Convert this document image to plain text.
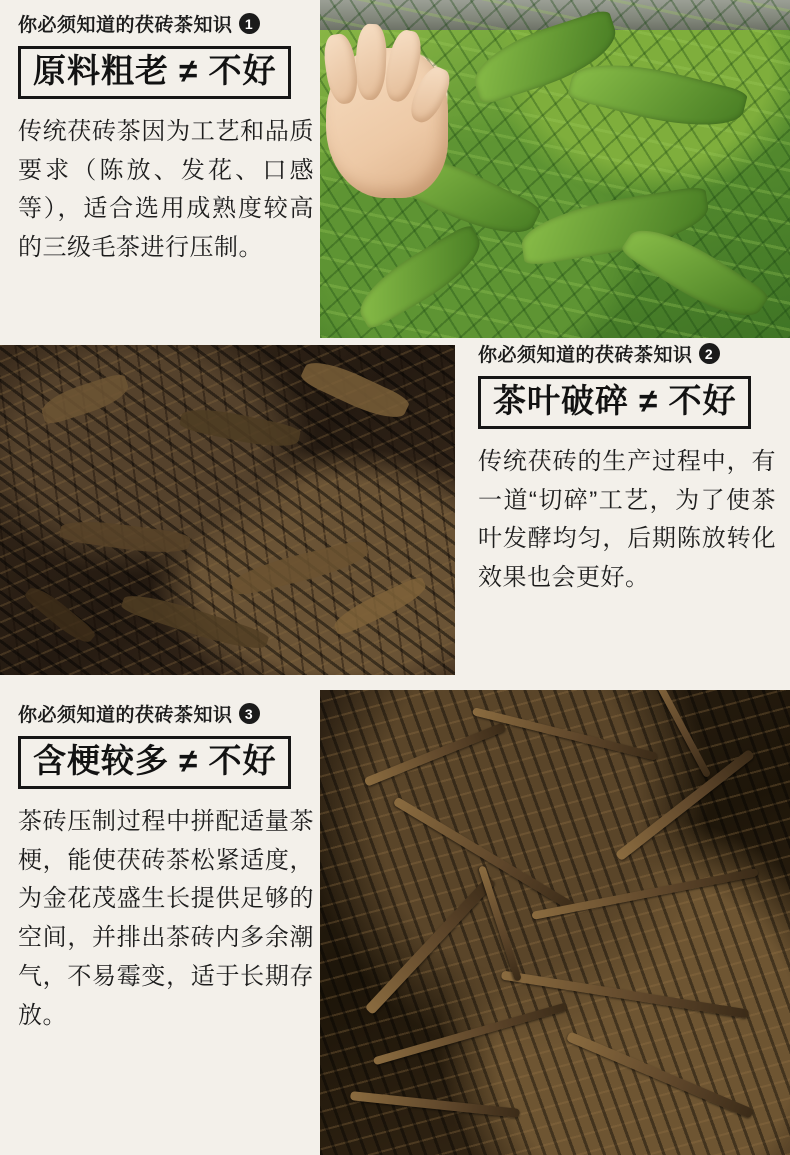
你必须知道的茯砖茶知识 1
原料粗老 ≠ 不好
传统茯砖茶因为工艺和品质要求（陈放、发花、口感等），适合选用成熟度较高的三级毛茶进行压制。
你必须知道的茯砖茶知识 2
茶叶破碎 ≠ 不好
传统茯砖的生产过程中，有一道“切碎”工艺，为了使茶叶发酵均匀，后期陈放转化效果也会更好。
你必须知道的茯砖茶知识 3
含梗较多 ≠ 不好
茶砖压制过程中拼配适量茶梗，能使茯砖茶松紧适度，为金花茂盛生长提供足够的空间，并排出茶砖内多余潮气，不易霉变，适于长期存放。
